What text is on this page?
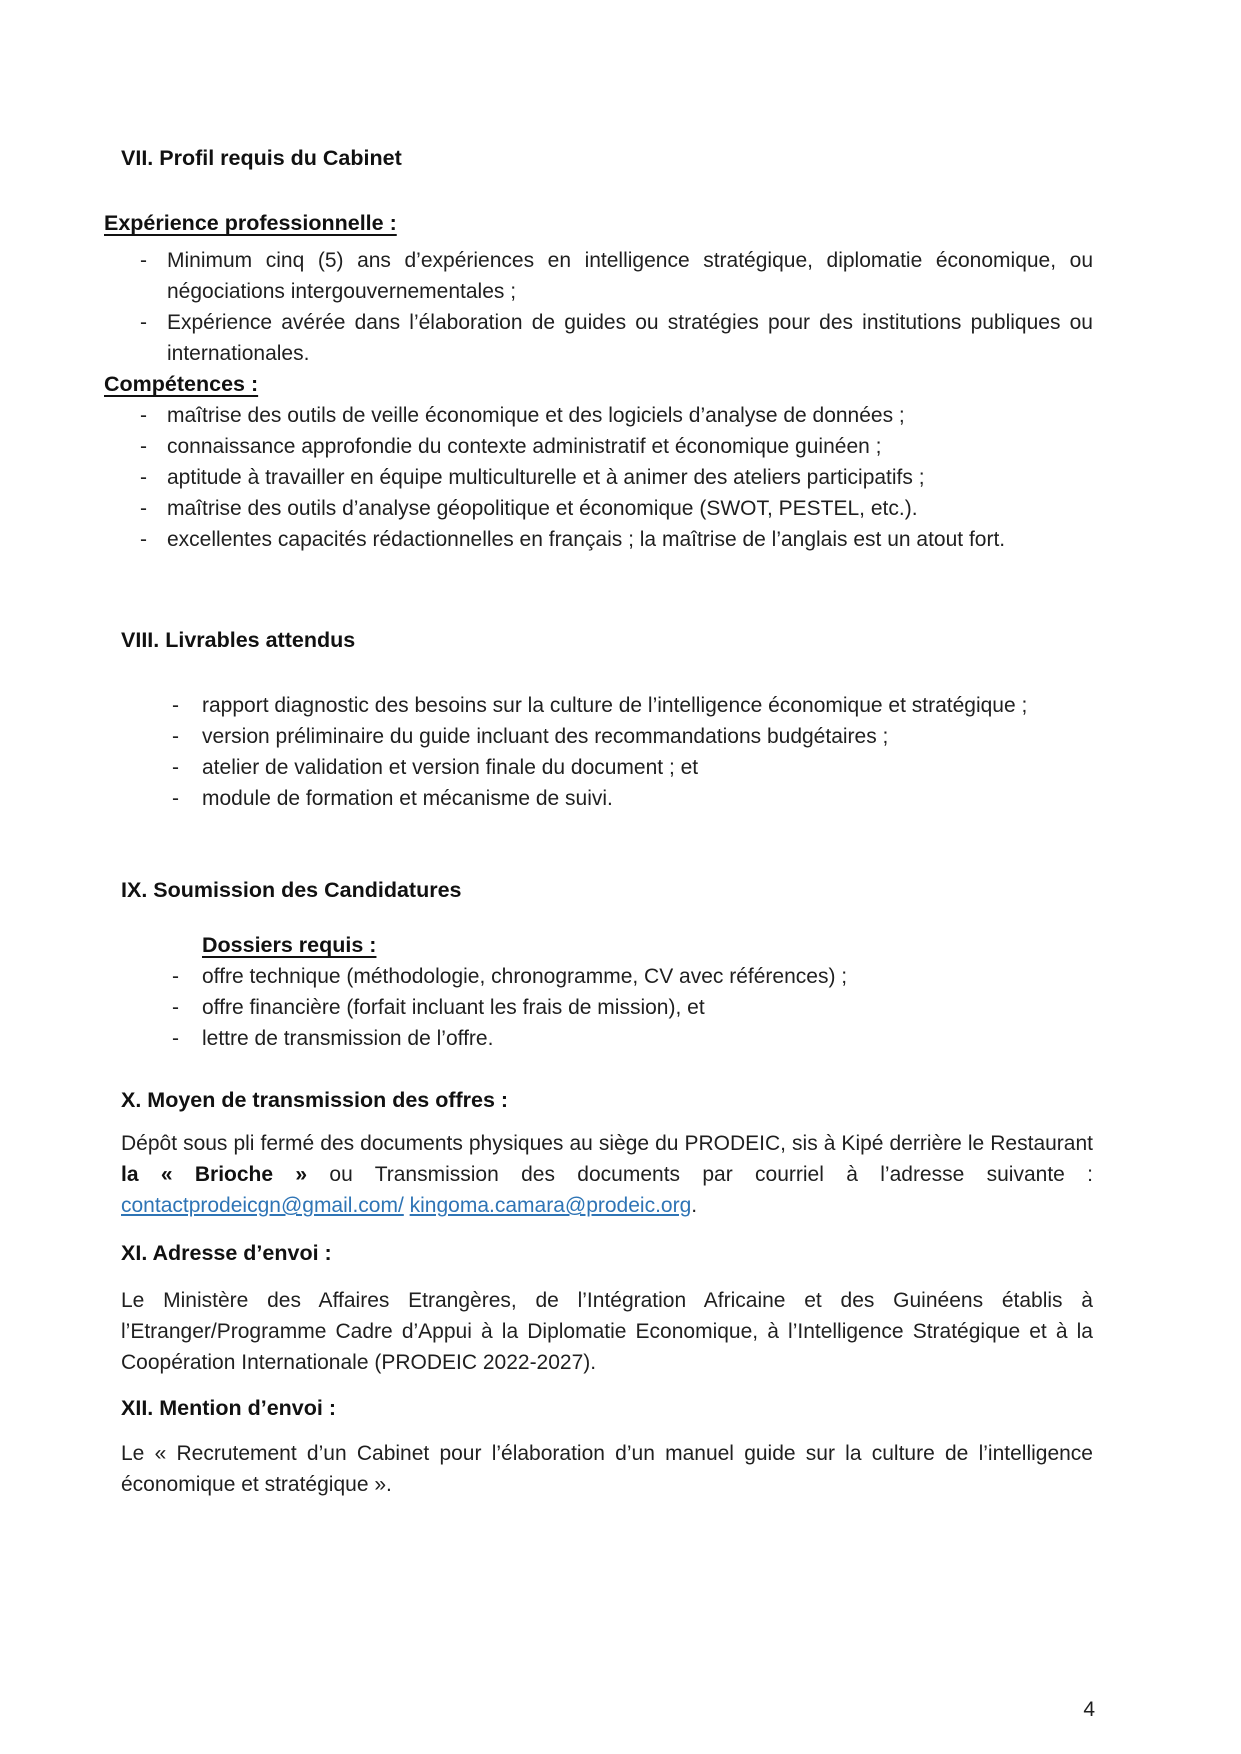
VII. Profil requis du Cabinet

Expérience professionnelle :

- Minimum cinq (5) ans d’expériences en intelligence stratégique, diplomatie économique, ou négociations intergouvernementales ;
- Expérience avérée dans l’élaboration de guides ou stratégies pour des institutions publiques ou internationales.

Compétences :

- maîtrise des outils de veille économique et des logiciels d’analyse de données ;
- connaissance approfondie du contexte administratif et économique guinéen ;
- aptitude à travailler en équipe multiculturelle et à animer des ateliers participatifs ;
- maîtrise des outils d’analyse géopolitique et économique (SWOT, PESTEL, etc.).
- excellentes capacités rédactionnelles en français ; la maîtrise de l’anglais est un atout fort.

VIII. Livrables attendus

-	rapport diagnostic des besoins sur la culture de l’intelligence économique et stratégique ;
-	version préliminaire du guide incluant des recommandations budgétaires ;
-	atelier de validation et version finale du document ; et
-	module de formation et mécanisme de suivi.

IX. Soumission des Candidatures

Dossiers requis :

-	offre technique (méthodologie, chronogramme, CV avec références) ;
-	offre financière (forfait incluant les frais de mission), et
-	lettre de transmission de l’offre.

X. Moyen de transmission des offres :

Dépôt sous pli fermé des documents physiques au siège du PRODEIC, sis à Kipé derrière le Restaurant la « Brioche » ou Transmission des documents par courriel à l’adresse suivante : contactprodeicgn@gmail.com/ kingoma.camara@prodeic.org.

XI. Adresse d’envoi :

Le Ministère des Affaires Etrangères, de l’Intégration Africaine et des Guinéens établis à l’Etranger/Programme Cadre d’Appui à la Diplomatie Economique, à l’Intelligence Stratégique et à la Coopération Internationale (PRODEIC 2022-2027).

XII. Mention d’envoi :

Le « Recrutement d’un Cabinet pour l’élaboration d’un manuel guide sur la culture de l’intelligence économique et stratégique ».

4
